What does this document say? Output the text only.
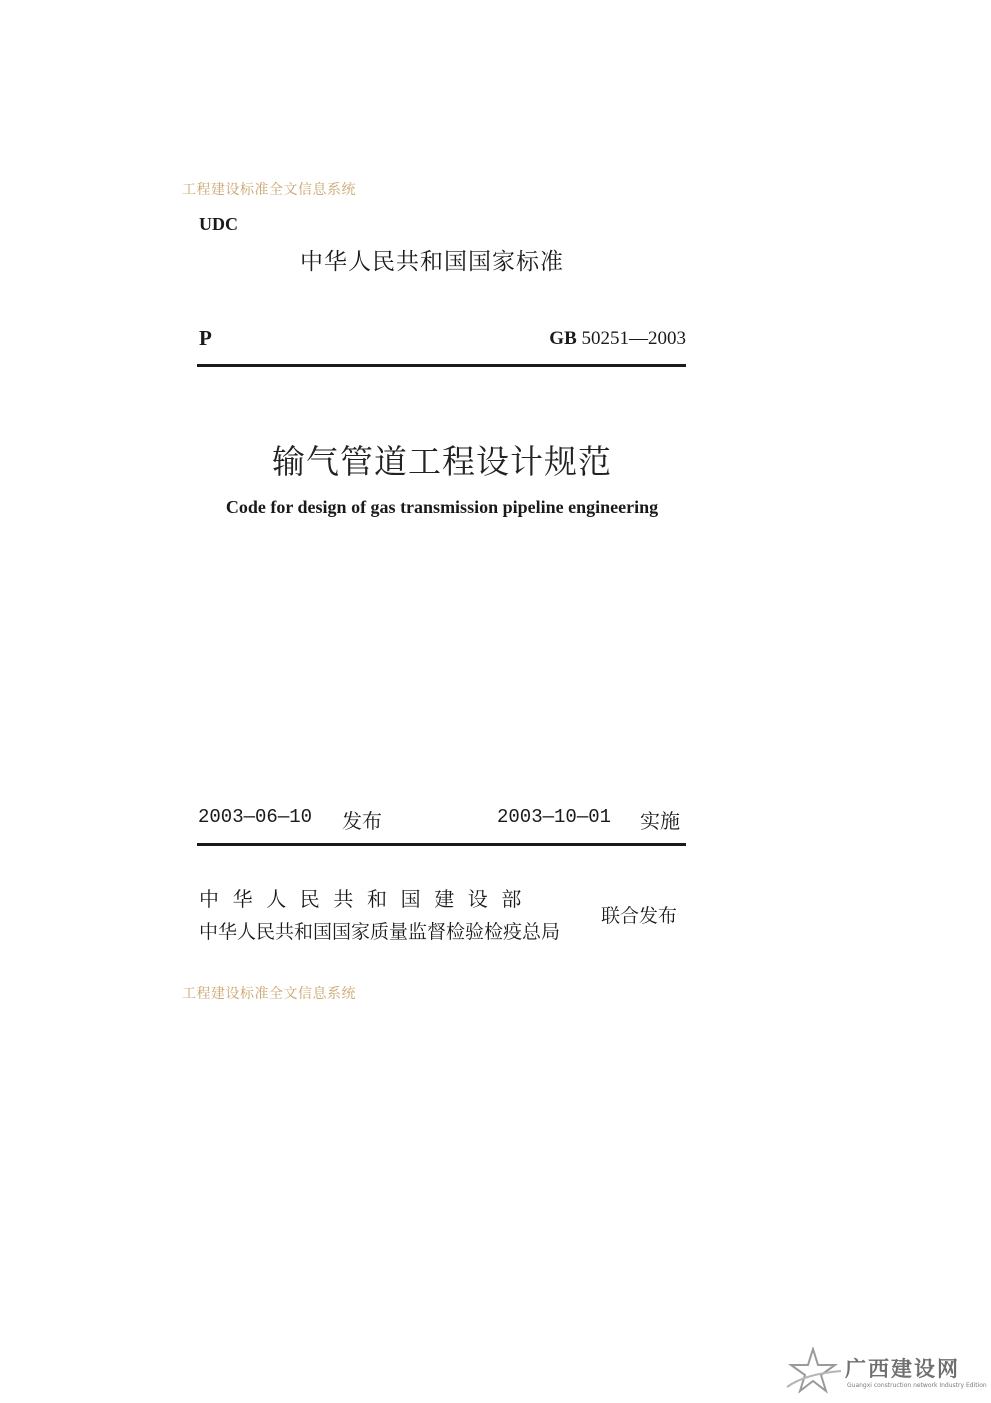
工程建设标准全文信息系统
UDC
中华人民共和国国家标准
P	GB 50251—2003
输气管道工程设计规范
Code for design of gas transmission pipeline engineering
2003—06—10 发布	2003—10—01 实施
中华人民共和国建设部
中华人民共和国国家质量监督检验检疫总局
联合发布
工程建设标准全文信息系统
广西建设网
Guangxi construction network Industry Edition
